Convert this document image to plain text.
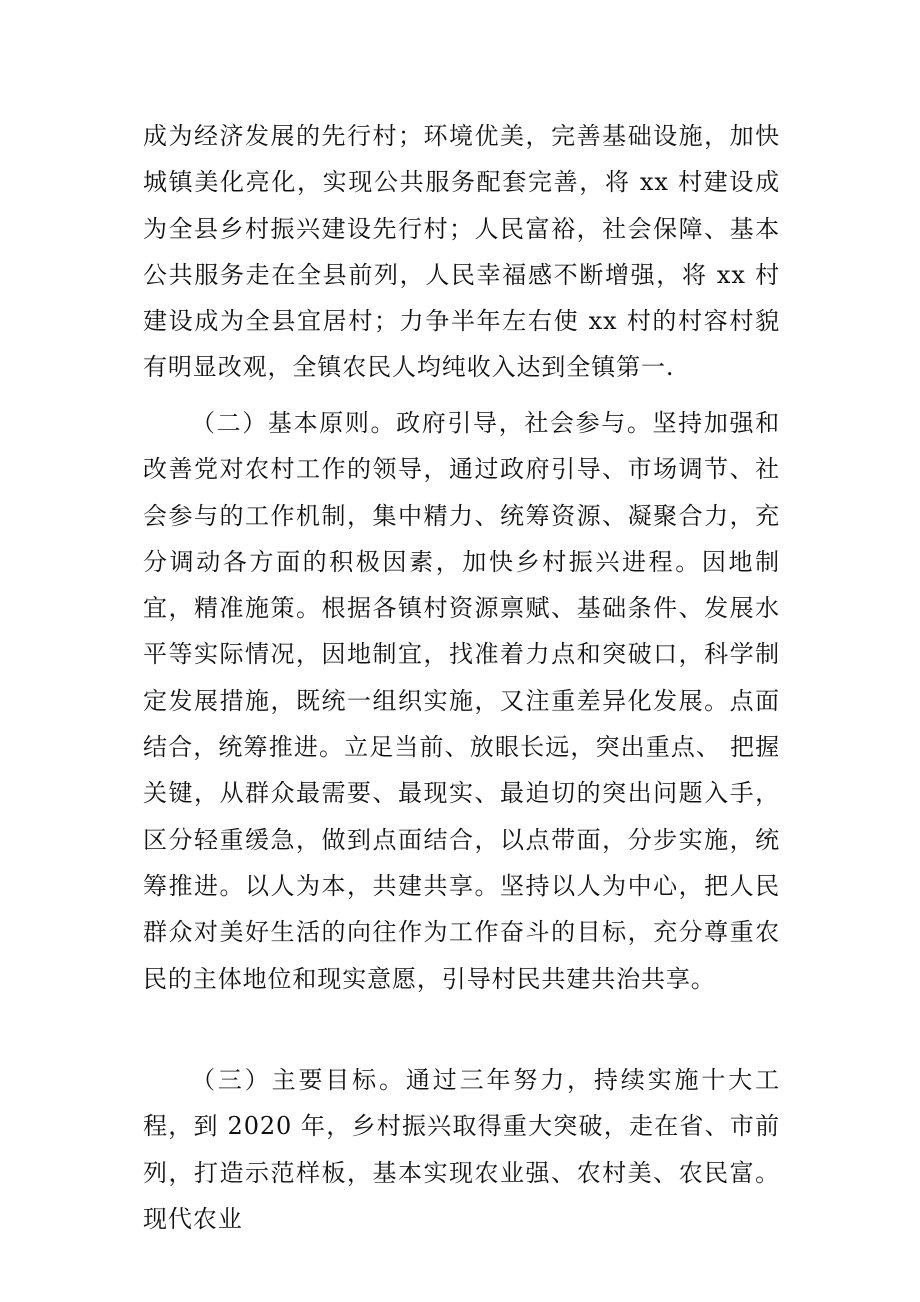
成为经济发展的先行村；环境优美，完善基础设施，加快城镇美化亮化，实现公共服务配套完善，将 xx 村建设成为全县乡村振兴建设先行村；人民富裕，社会保障、基本公共服务走在全县前列，人民幸福感不断增强，将 xx 村建设成为全县宜居村；力争半年左右使 xx 村的村容村貌有明显改观，全镇农民人均纯收入达到全镇第一.

（二）基本原则。政府引导，社会参与。坚持加强和改善党对农村工作的领导，通过政府引导、市场调节、社会参与的工作机制，集中精力、统筹资源、凝聚合力，充分调动各方面的积极因素，加快乡村振兴进程。因地制宜，精准施策。根据各镇村资源禀赋、基础条件、发展水平等实际情况，因地制宜，找准着力点和突破口，科学制定发展措施，既统一组织实施，又注重差异化发展。点面结合，统筹推进。立足当前、放眼长远，突出重点、 把握关键，从群众最需要、最现实、最迫切的突出问题入手，区分轻重缓急，做到点面结合，以点带面，分步实施，统筹推进。以人为本，共建共享。坚持以人为中心，把人民群众对美好生活的向往作为工作奋斗的目标，充分尊重农民的主体地位和现实意愿，引导村民共建共治共享。

（三）主要目标。通过三年努力，持续实施十大工程，到 2020 年，乡村振兴取得重大突破，走在省、市前列，打造示范样板，基本实现农业强、农村美、农民富。现代农业
